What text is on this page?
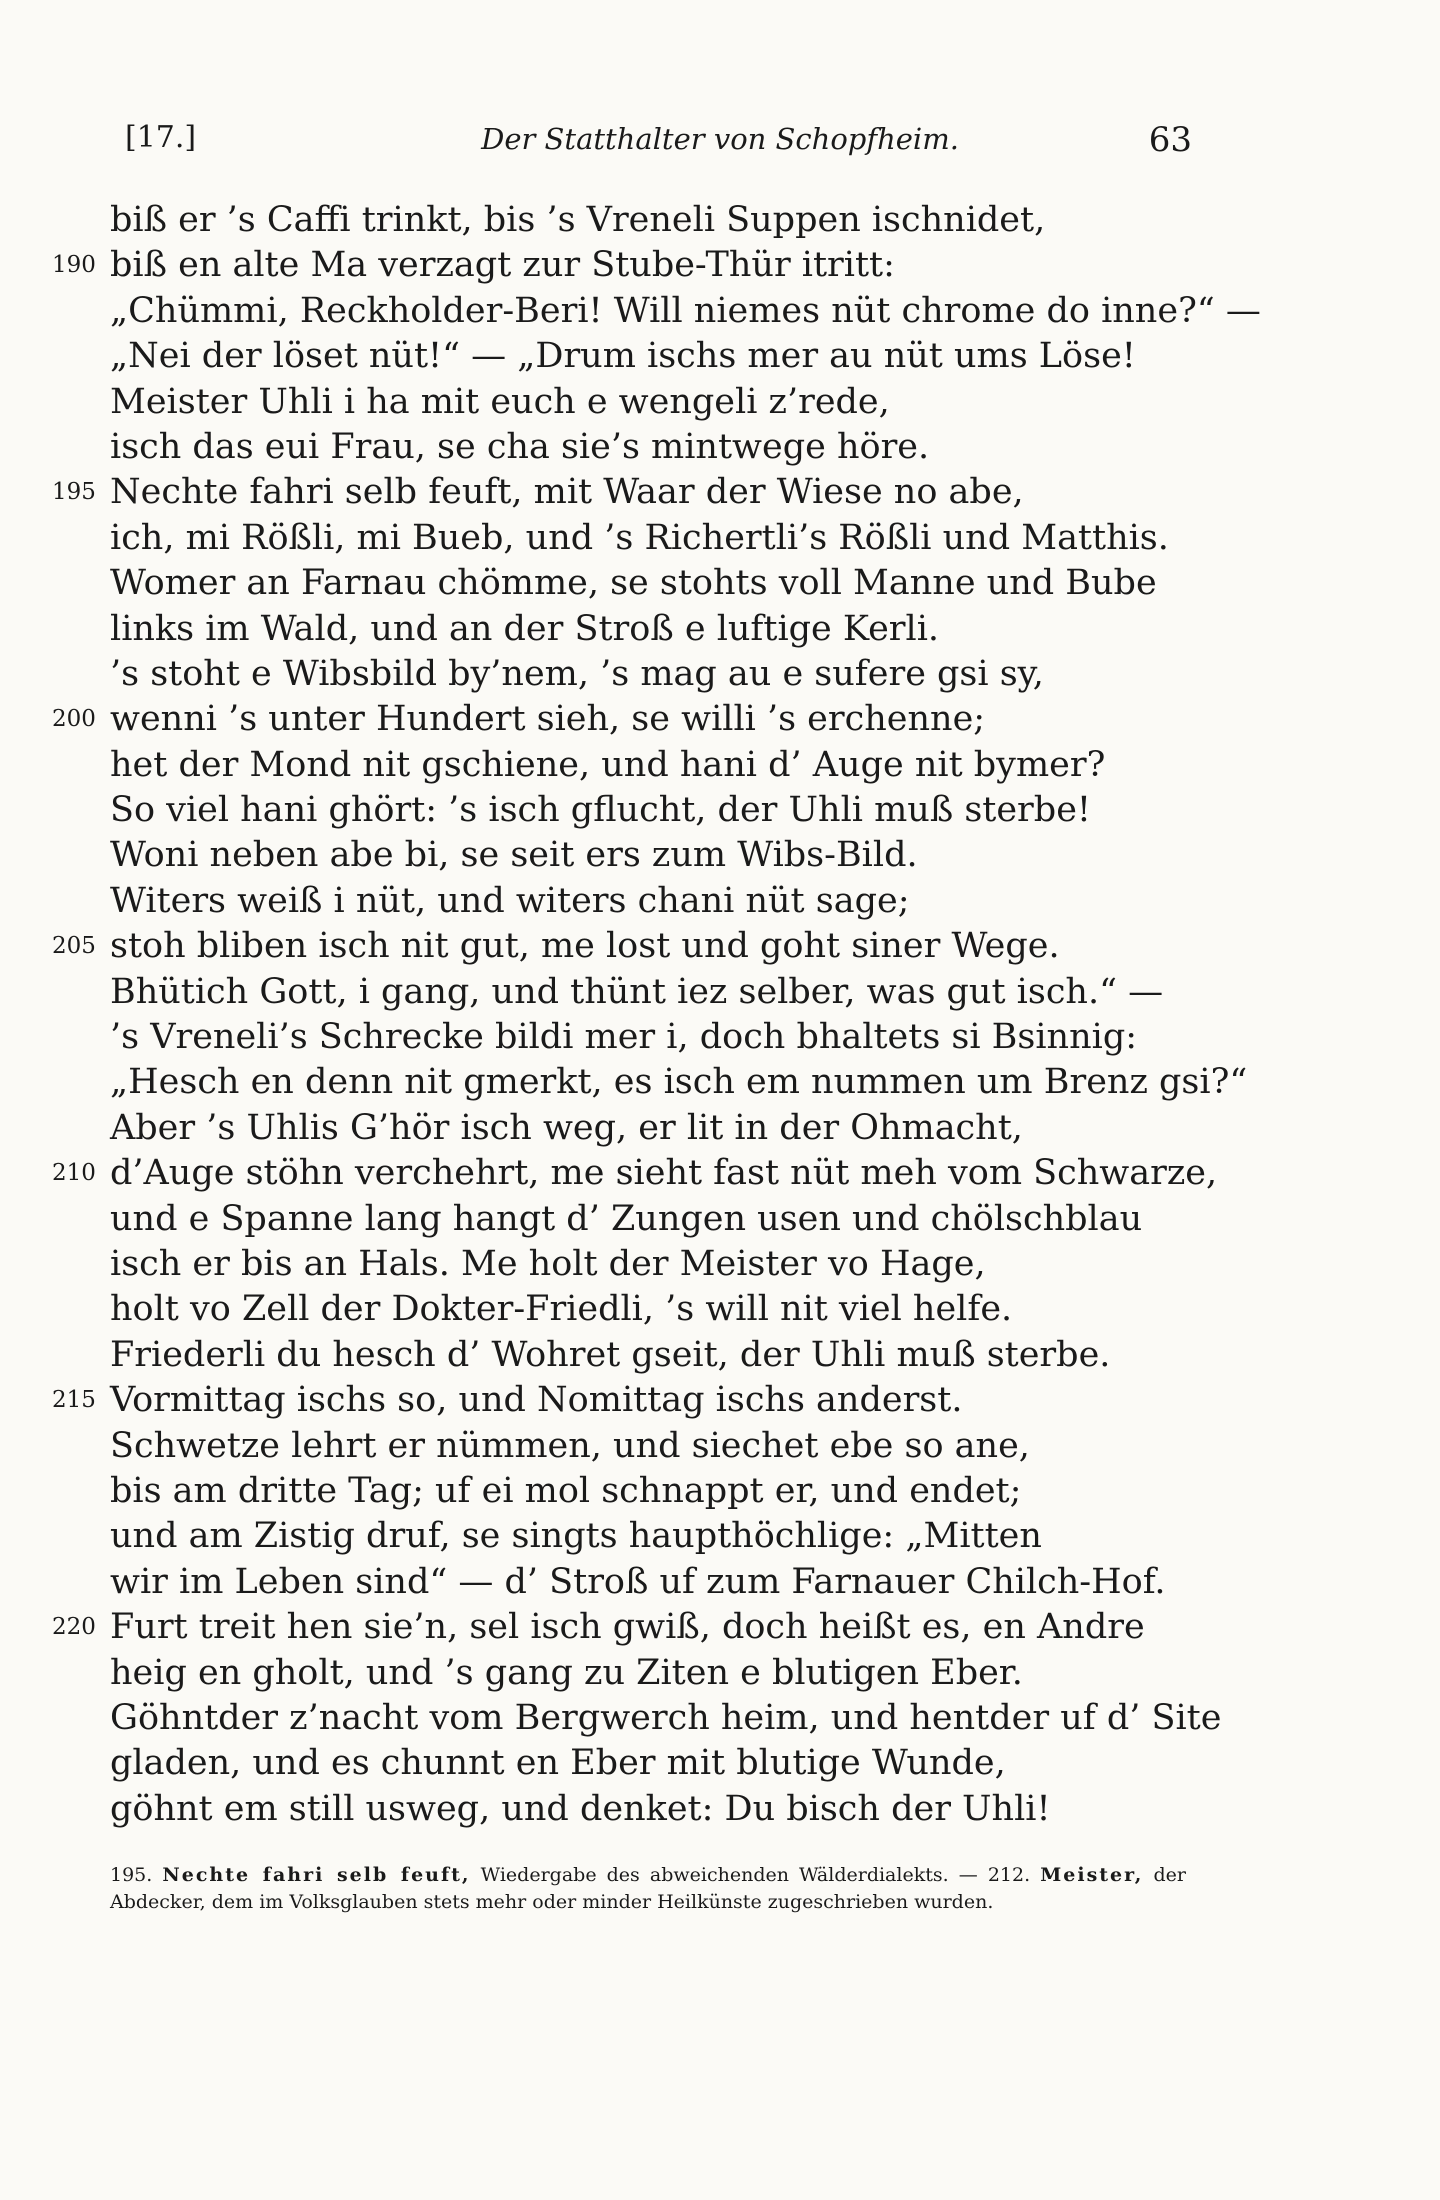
[17.]	Der Statthalter von Schopfheim.	63
biß er ’s Caffi trinkt, bis ’s Vreneli Suppen ischnidet,
190 biß en alte Ma verzagt zur Stube-Thür itritt:
„Chümmi, Reckholder-Beri! Will niemes nüt chrome do inne?“ —
„Nei der löset nüt!“ — „Drum ischs mer au nüt ums Löse!
Meister Uhli i ha mit euch e wengeli z’rede,
isch das eui Frau, se cha sie’s mintwege höre.
195 Nechte fahri selb feuft, mit Waar der Wiese no abe,
ich, mi Rößli, mi Bueb, und ’s Richertli’s Rößli und Matthis.
Womer an Farnau chömme, se stohts voll Manne und Bube
links im Wald, und an der Stroß e luftige Kerli.
’s stoht e Wibsbild by’nem, ’s mag au e sufere gsi sy,
200 wenni ’s unter Hundert sieh, se willi ’s erchenne;
het der Mond nit gschiene, und hani d’ Auge nit bymer?
So viel hani ghört: ’s isch gflucht, der Uhli muß sterbe!
Woni neben abe bi, se seit ers zum Wibs-Bild.
Witers weiß i nüt, und witers chani nüt sage;
205 stoh bliben isch nit gut, me lost und goht siner Wege.
Bhütich Gott, i gang, und thünt iez selber, was gut isch.“ —
’s Vreneli’s Schrecke bildi mer i, doch bhaltets si Bsinnig:
„Hesch en denn nit gmerkt, es isch em nummen um Brenz gsi?“
Aber ’s Uhlis G’hör isch weg, er lit in der Ohmacht,
210 d’Auge stöhn verchehrt, me sieht fast nüt meh vom Schwarze,
und e Spanne lang hangt d’ Zungen usen und chölschblau
isch er bis an Hals. Me holt der Meister vo Hage,
holt vo Zell der Dokter-Friedli, ’s will nit viel helfe.
Friederli du hesch d’ Wohret gseit, der Uhli muß sterbe.
215 Vormittag ischs so, und Nomittag ischs anderst.
Schwetze lehrt er nümmen, und siechet ebe so ane,
bis am dritte Tag; uf ei mol schnappt er, und endet;
und am Zistig druf, se singts haupthöchlige: „Mitten
wir im Leben sind“ — d’ Stroß uf zum Farnauer Chilch-Hof.
220 Furt treit hen sie’n, sel isch gwiß, doch heißt es, en Andre
heig en gholt, und ’s gang zu Ziten e blutigen Eber.
Göhntder z’nacht vom Bergwerch heim, und hentder uf d’ Site
gladen, und es chunnt en Eber mit blutige Wunde,
göhnt em still usweg, und denket: Du bisch der Uhli!
195. Nechte fahri selb feuft, Wiedergabe des abweichenden Wälderdialekts. — 212. Meister, der Abdecker, dem im Volksglauben stets mehr oder minder Heilkünste zugeschrieben wurden.
